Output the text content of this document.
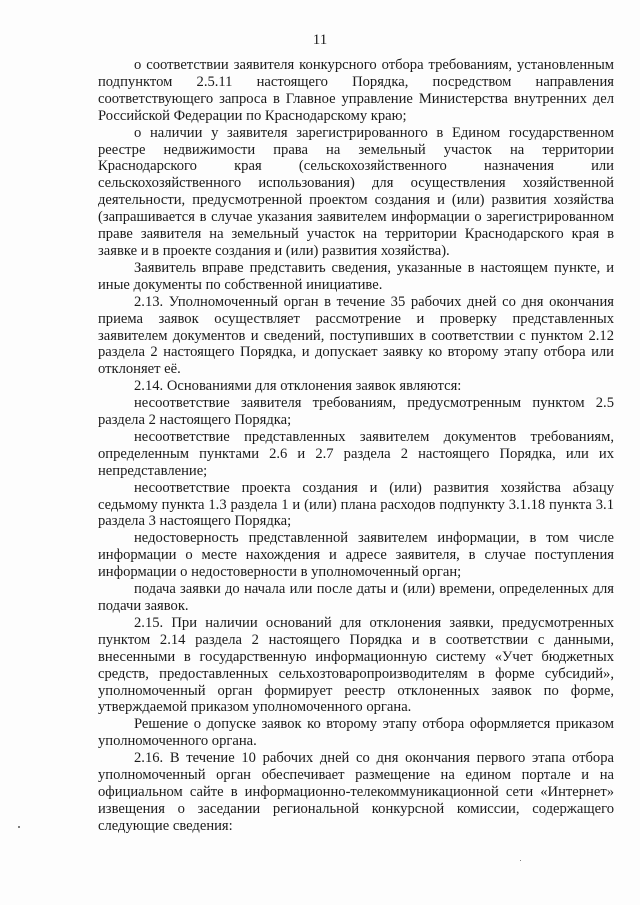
11

о соответствии заявителя конкурсного отбора требованиям, установленным подпунктом 2.5.11 настоящего Порядка, посредством направления соответствующего запроса в Главное управление Министерства внутренних дел Российской Федерации по Краснодарскому краю;

о наличии у заявителя зарегистрированного в Едином государственном реестре недвижимости права на земельный участок на территории Краснодарского края (сельскохозяйственного назначения или сельскохозяйственного использования) для осуществления хозяйственной деятельности, предусмотренной проектом создания и (или) развития хозяйства (запрашивается в случае указания заявителем информации о зарегистрированном праве заявителя на земельный участок на территории Краснодарского края в заявке и в проекте создания и (или) развития хозяйства).

Заявитель вправе представить сведения, указанные в настоящем пункте, и иные документы по собственной инициативе.

2.13. Уполномоченный орган в течение 35 рабочих дней со дня окончания приема заявок осуществляет рассмотрение и проверку представленных заявителем документов и сведений, поступивших в соответствии с пунктом 2.12 раздела 2 настоящего Порядка, и допускает заявку ко второму этапу отбора или отклоняет её.

2.14. Основаниями для отклонения заявок являются:

несоответствие заявителя требованиям, предусмотренным пунктом 2.5 раздела 2 настоящего Порядка;

несоответствие представленных заявителем документов требованиям, определенным пунктами 2.6 и 2.7 раздела 2 настоящего Порядка, или их непредставление;

несоответствие проекта создания и (или) развития хозяйства абзацу седьмому пункта 1.3 раздела 1 и (или) плана расходов подпункту 3.1.18 пункта 3.1 раздела 3 настоящего Порядка;

недостоверность представленной заявителем информации, в том числе информации о месте нахождения и адресе заявителя, в случае поступления информации о недостоверности в уполномоченный орган;

подача заявки до начала или после даты и (или) времени, определенных для подачи заявок.

2.15. При наличии оснований для отклонения заявки, предусмотренных пунктом 2.14 раздела 2 настоящего Порядка и в соответствии с данными, внесенными в государственную информационную систему «Учет бюджетных средств, предоставленных сельхозтоваропроизводителям в форме субсидий», уполномоченный орган формирует реестр отклоненных заявок по форме, утверждаемой приказом уполномоченного органа.

Решение о допуске заявок ко второму этапу отбора оформляется приказом уполномоченного органа.

2.16. В течение 10 рабочих дней со дня окончания первого этапа отбора уполномоченный орган обеспечивает размещение на едином портале и на официальном сайте в информационно-телекоммуникационной сети «Интернет» извещения о заседании региональной конкурсной комиссии, содержащего следующие сведения:
